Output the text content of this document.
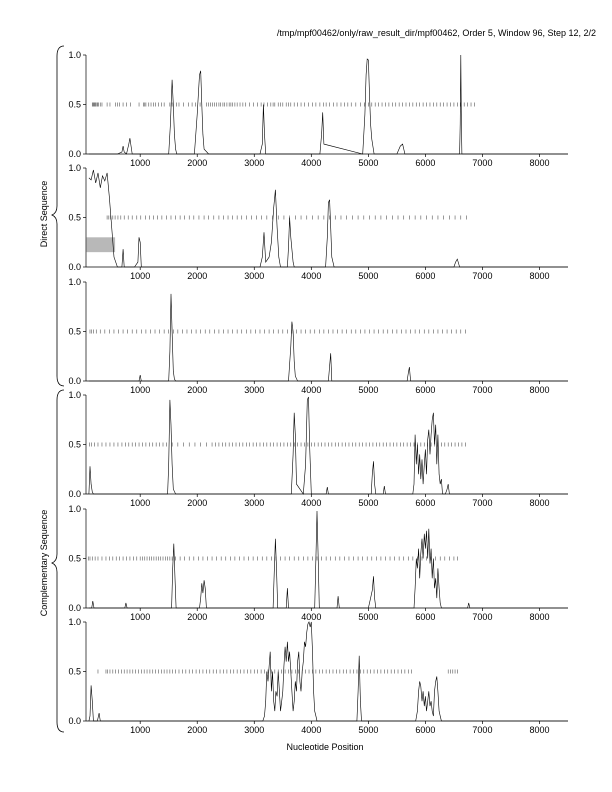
/tmp/mpf00462/only/raw_result_dir/mpf00462, Order 5, Window 96, Step 12, 2/2
0.0
0.5
1.0
1000	2000	3000	4000	5000	6000	7000	8000
0.0
0.5
1.0
1000	2000	3000	4000	5000	6000	7000	8000
0.0
0.5
1.0
1000	2000	3000	4000	5000	6000	7000	8000
0.0
0.5
1.0
1000	2000	3000	4000	5000	6000	7000	8000
0.0
0.5
1.0
1000	2000	3000	4000	5000	6000	7000	8000
0.0
0.5
1.0
1000	2000	3000	4000	5000	6000	7000	8000
Nucleotide Position
Direct Sequence
Complementary Sequence
